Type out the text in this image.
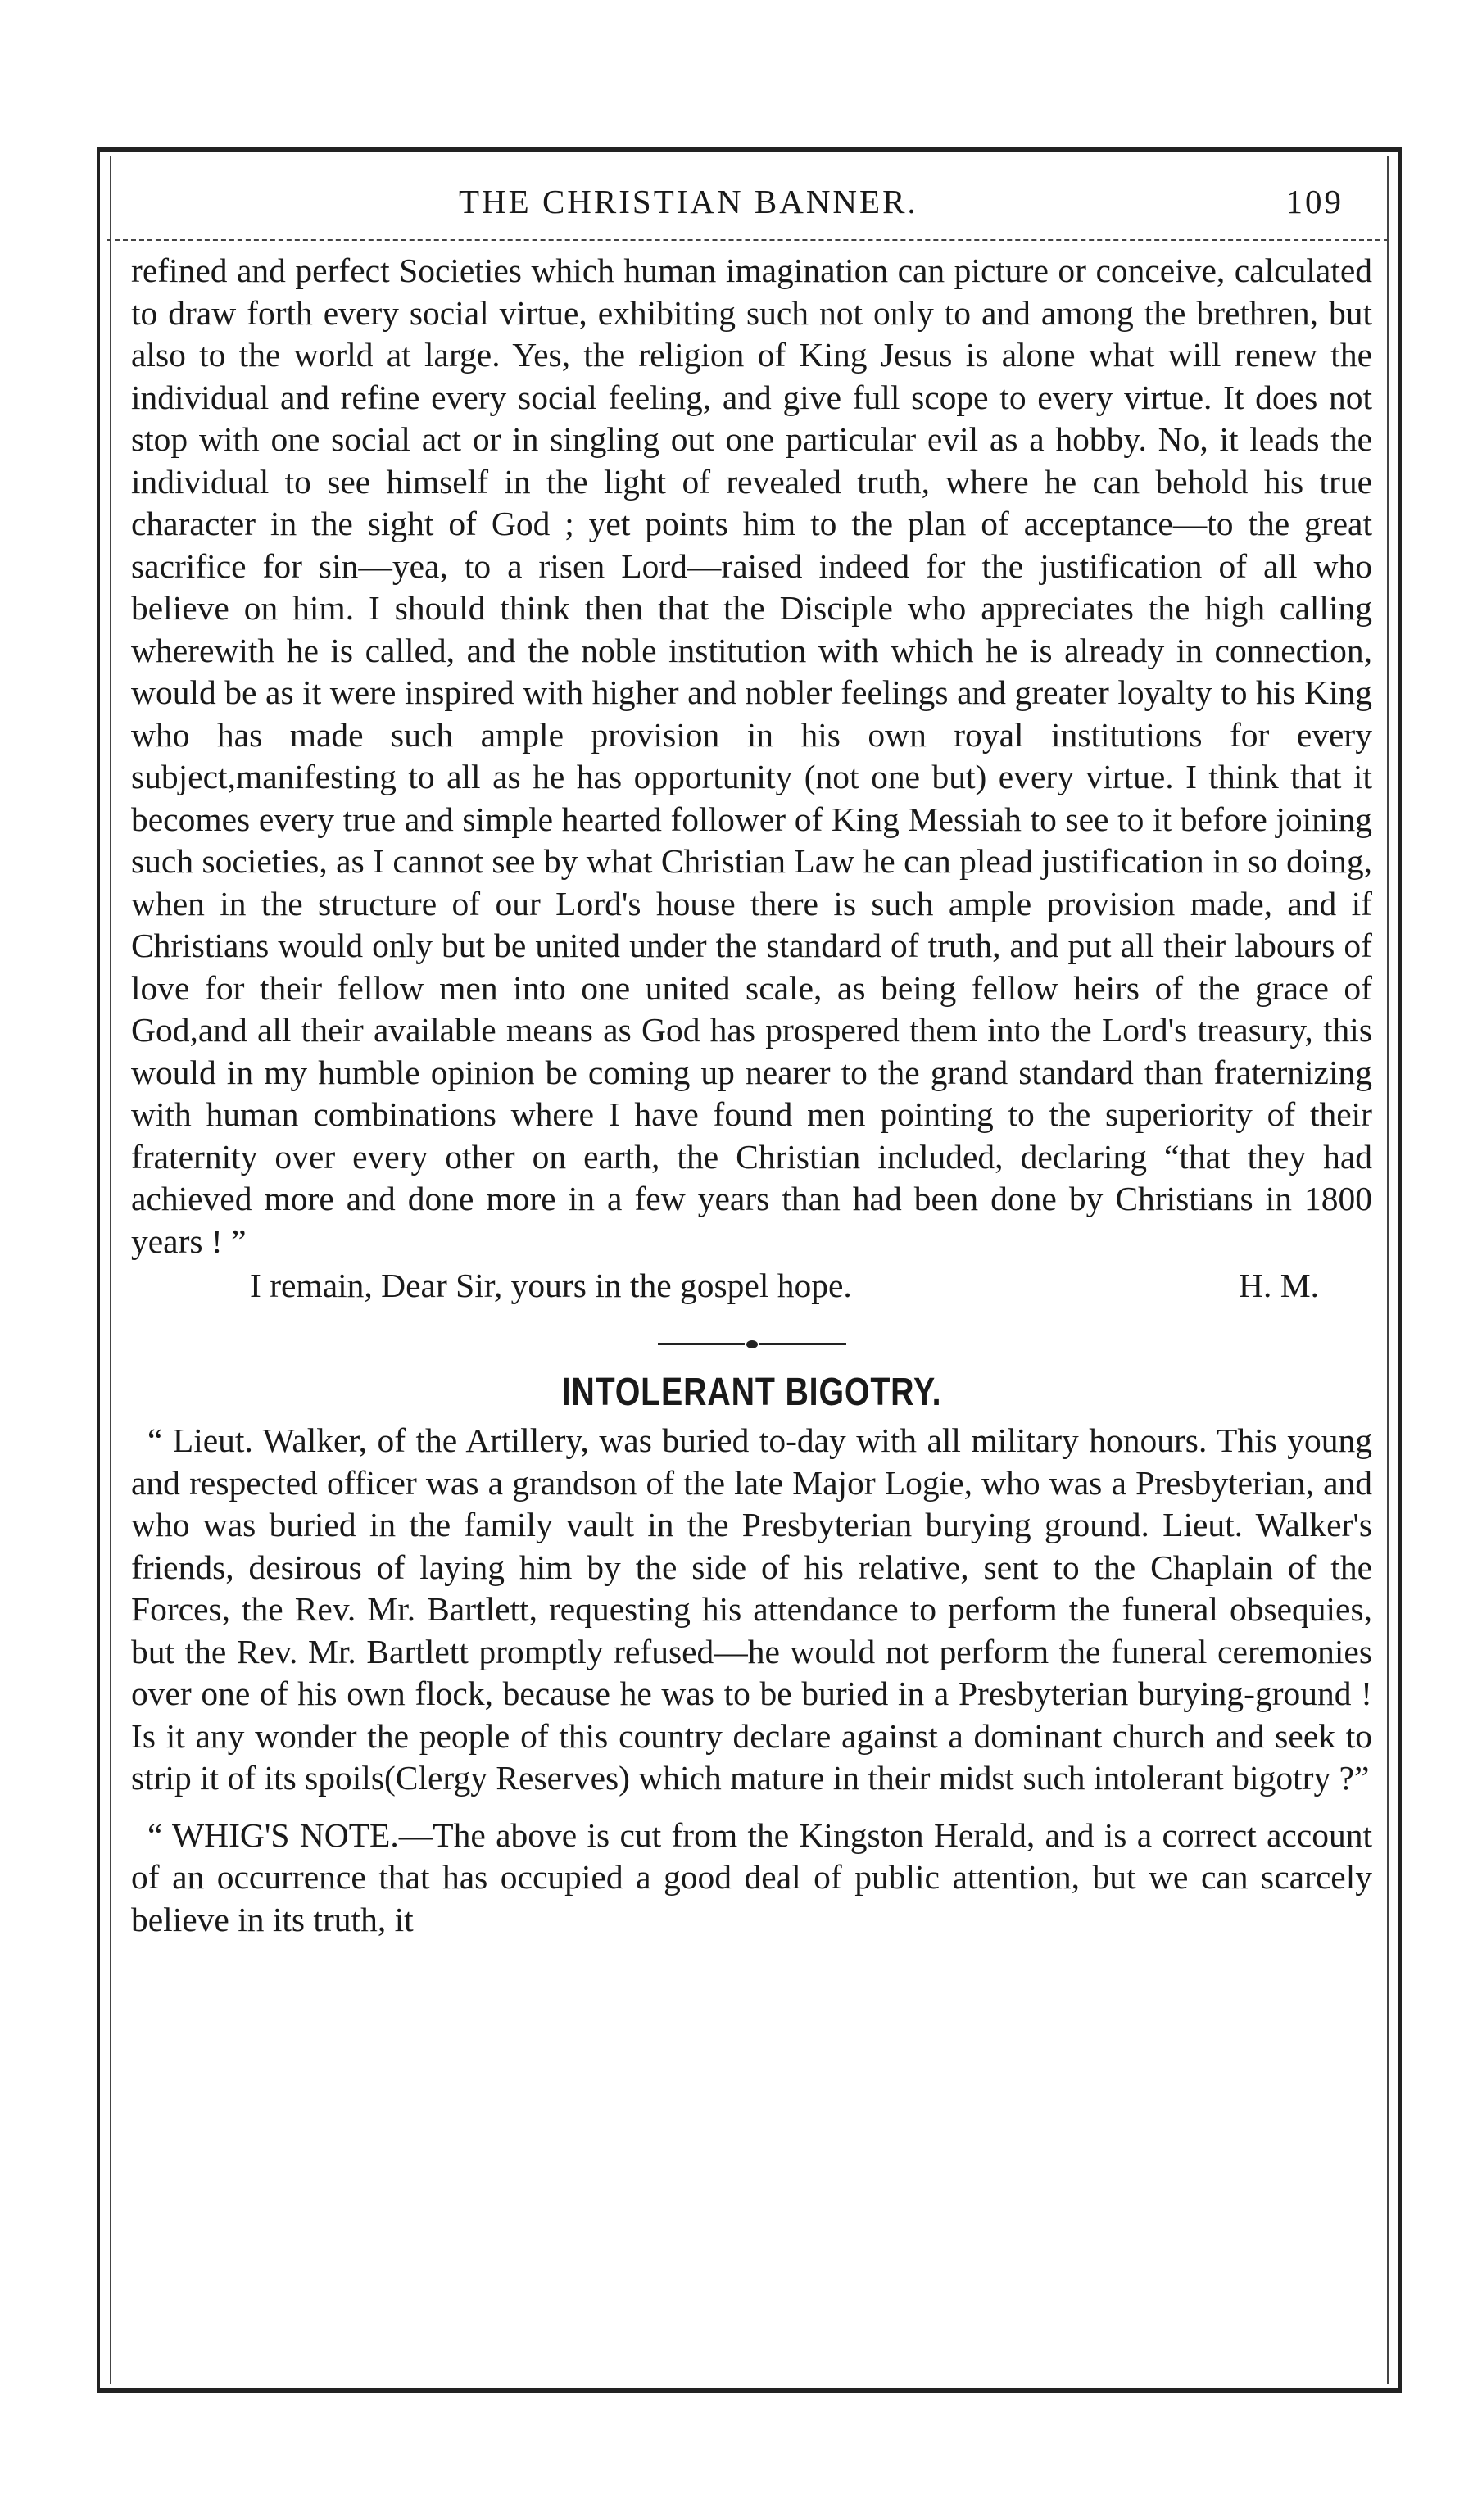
THE CHRISTIAN BANNER.	109

refined and perfect Societies which human imagination can picture or conceive, calculated to draw forth every social virtue, exhibiting such not only to and among the brethren, but also to the world at large. Yes, the religion of King Jesus is alone what will renew the individual and refine every social feeling, and give full scope to every virtue. It does not stop with one social act or in singling out one particular evil as a hobby. No, it leads the individual to see himself in the light of revealed truth, where he can behold his true character in the sight of God ; yet points him to the plan of acceptance—to the great sacrifice for sin—yea, to a risen Lord—raised indeed for the justification of all who believe on him. I should think then that the Disciple who appreciates the high calling wherewith he is called, and the noble institution with which he is already in connection, would be as it were inspired with higher and nobler feelings and greater loyalty to his King who has made such ample provision in his own royal institutions for every subject,manifesting to all as he has opportunity (not one but) every virtue. I think that it becomes every true and simple hearted follower of King Messiah to see to it before joining such societies, as I cannot see by what Christian Law he can plead justification in so doing, when in the structure of our Lord's house there is such ample provision made, and if Christians would only but be united under the standard of truth, and put all their labours of love for their fellow men into one united scale, as being fellow heirs of the grace of God,and all their available means as God has prospered them into the Lord's treasury, this would in my humble opinion be coming up nearer to the grand standard than fraternizing with human combinations where I have found men pointing to the superiority of their fraternity over every other on earth, the Christian included, declaring “that they had achieved more and done more in a few years than had been done by Christians in 1800 years ! ”

I remain, Dear Sir, yours in the gospel hope.	H. M.
INTOLERANT BIGOTRY.

“ Lieut. Walker, of the Artillery, was buried to-day with all military honours. This young and respected officer was a grandson of the late Major Logie, who was a Presbyterian, and who was buried in the family vault in the Presbyterian burying ground. Lieut. Walker's friends, desirous of laying him by the side of his relative, sent to the Chaplain of the Forces, the Rev. Mr. Bartlett, requesting his attendance to perform the funeral obsequies, but the Rev. Mr. Bartlett promptly refused—he would not perform the funeral ceremonies over one of his own flock, because he was to be buried in a Presbyterian burying-ground ! Is it any wonder the people of this country declare against a dominant church and seek to strip it of its spoils(Clergy Reserves) which mature in their midst such intolerant bigotry ?”

“ WHIG'S NOTE.—The above is cut from the Kingston Herald, and is a correct account of an occurrence that has occupied a good deal of public attention, but we can scarcely believe in its truth, it
